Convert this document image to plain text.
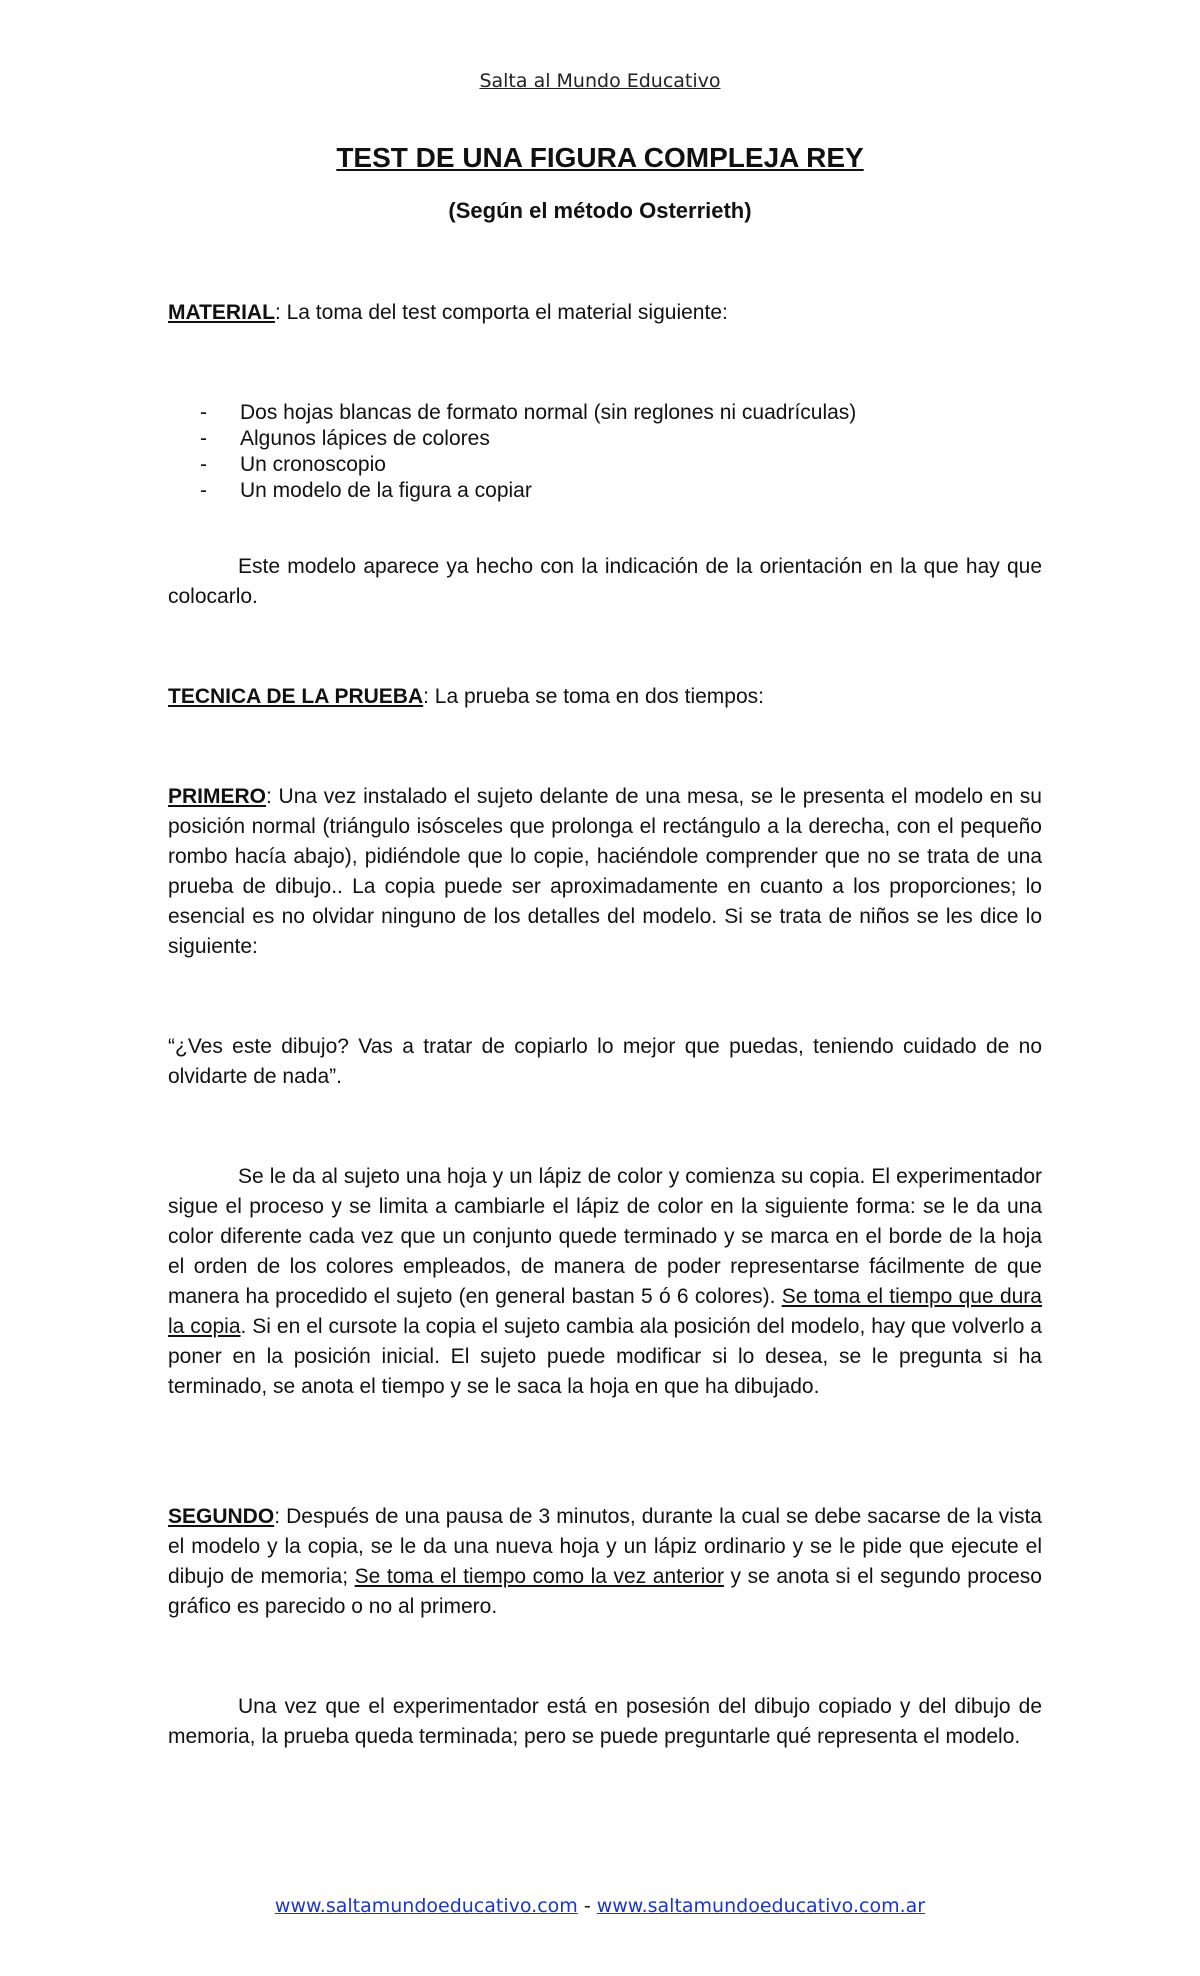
Salta al Mundo Educativo
TEST DE UNA FIGURA COMPLEJA REY
(Según el método Osterrieth)
MATERIAL: La toma del test comporta el material siguiente:
- Dos hojas blancas de formato normal (sin reglones ni cuadrículas)
- Algunos lápices de colores
- Un cronoscopio
- Un modelo de la figura a copiar
Este modelo aparece ya hecho con la indicación de la orientación en la que hay que colocarlo.
TECNICA DE LA PRUEBA: La prueba se toma en dos tiempos:
PRIMERO: Una vez instalado el sujeto delante de una mesa, se le presenta el modelo en su posición normal (triángulo isósceles que prolonga el rectángulo a la derecha, con el pequeño rombo hacía abajo), pidiéndole que lo copie, haciéndole comprender que no se trata de una prueba de dibujo.. La copia puede ser aproximadamente en cuanto a los proporciones; lo esencial es no olvidar ninguno de los detalles del modelo. Si se trata de niños se les dice lo siguiente:
“¿Ves este dibujo? Vas a tratar de copiarlo lo mejor que puedas, teniendo cuidado de no olvidarte de nada”.
Se le da al sujeto una hoja y un lápiz de color y comienza su copia. El experimentador sigue el proceso y se limita a cambiarle el lápiz de color en la siguiente forma: se le da una color diferente cada vez que un conjunto quede terminado y se marca en el borde de la hoja el orden de los colores empleados, de manera de poder representarse fácilmente de que manera ha procedido el sujeto (en general bastan 5 ó 6 colores). Se toma el tiempo que dura la copia. Si en el cursote la copia el sujeto cambia ala posición del modelo, hay que volverlo a poner en la posición inicial. El sujeto puede modificar si lo desea, se le pregunta si ha terminado, se anota el tiempo y se le saca la hoja en que ha dibujado.
SEGUNDO: Después de una pausa de 3 minutos, durante la cual se debe sacarse de la vista el modelo y la copia, se le da una nueva hoja y un lápiz ordinario y se le pide que ejecute el dibujo de memoria; Se toma el tiempo como la vez anterior y se anota si el segundo proceso gráfico es parecido o no al primero.
Una vez que el experimentador está en posesión del dibujo copiado y del dibujo de memoria, la prueba queda terminada; pero se puede preguntarle qué representa el modelo.
www.saltamundoeducativo.com - www.saltamundoeducativo.com.ar
